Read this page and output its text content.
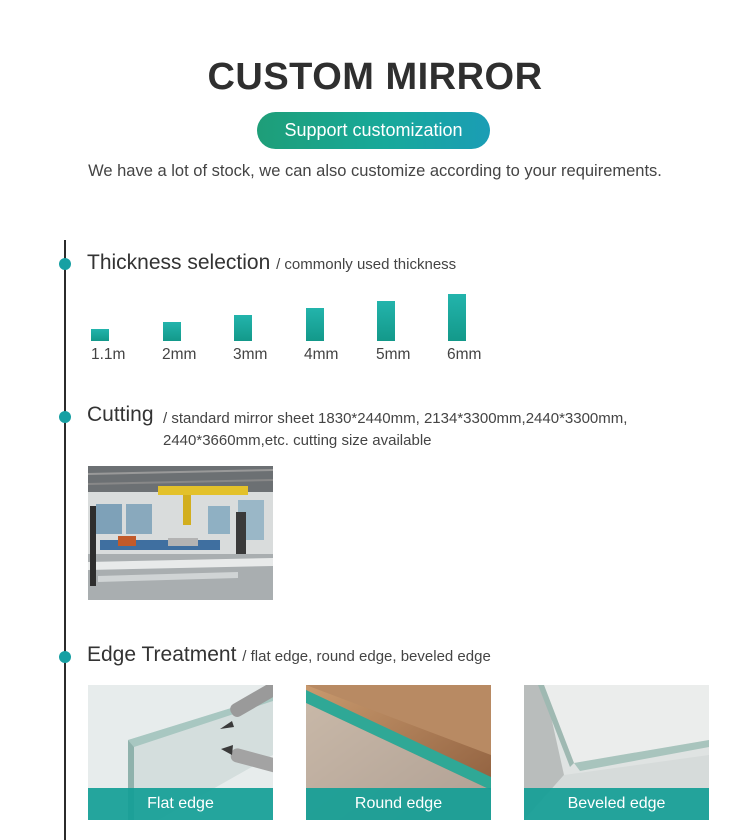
CUSTOM MIRROR
Support customization
We have a lot of stock, we can also customize according to your requirements.
Thickness selection / commonly used thickness
1.1m 2mm 3mm 4mm 5mm 6mm
Cutting / standard mirror sheet 1830*2440mm, 2134*3300mm,2440*3300mm,
2440*3660mm,etc. cutting size available
Edge Treatment / flat edge, round edge, beveled edge
Flat edge	Round edge	Beveled edge
